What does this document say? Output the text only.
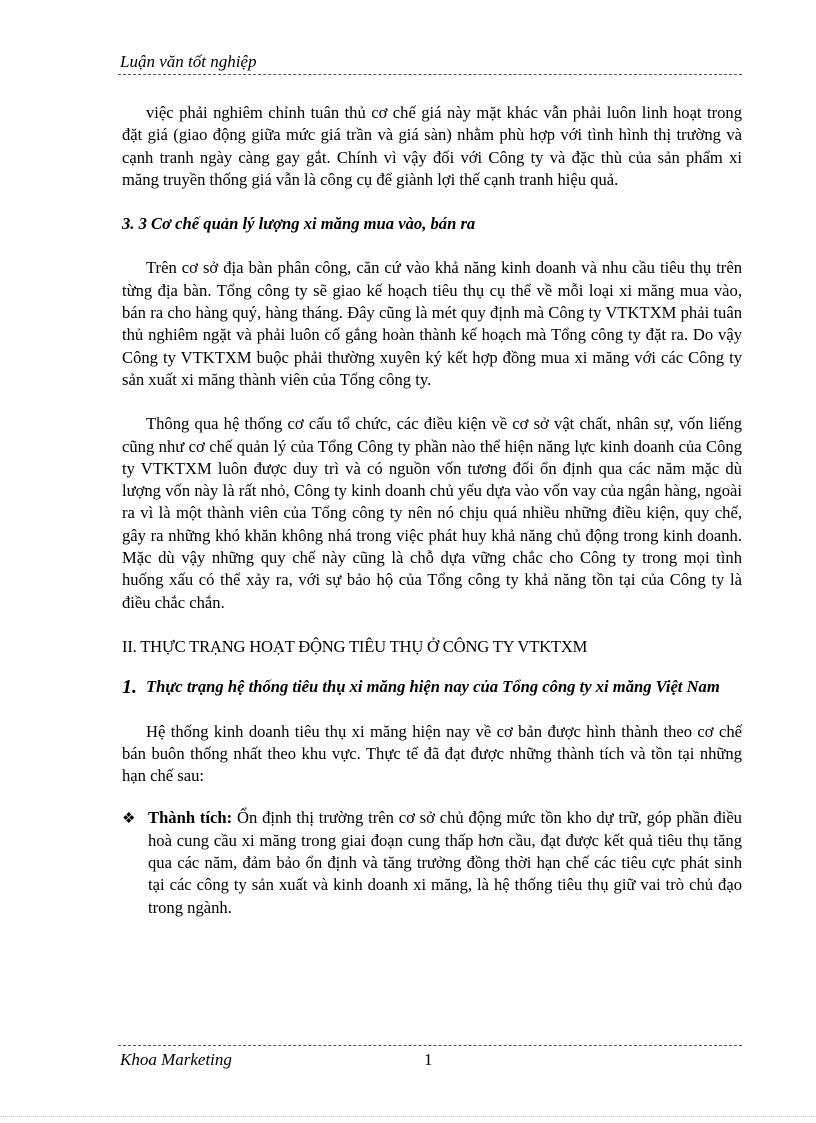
Luận văn tốt nghiệp

việc phải nghiêm chỉnh tuân thủ cơ chế giá này mặt khác vẫn phải luôn linh hoạt trong đặt giá (giao động giữa mức giá trần và giá sàn) nhằm phù hợp với tình hình thị trường và cạnh tranh ngày càng gay gắt. Chính vì vậy đối với Công ty và đặc thù của sản phẩm xi măng truyền thống giá vẫn là công cụ để giành lợi thế cạnh tranh hiệu quả.

3. 3 Cơ chế quản lý lượng xi măng mua vào, bán ra

Trên cơ sở địa bàn phân công, căn cứ vào khả năng kinh doanh và nhu cầu tiêu thụ trên từng địa bàn. Tổng công ty sẽ giao kế hoạch tiêu thụ cụ thể về mỗi loại xi măng mua vào, bán ra cho hàng quý, hàng tháng. Đây cũng là mét quy định mà Công ty VTKTXM phải tuân thủ nghiêm ngặt và phải luôn cố gắng hoàn thành kế hoạch mà Tổng công ty đặt ra. Do vậy Công ty VTKTXM buộc phải thường xuyên ký kết hợp đồng mua xi măng với các Công ty sản xuất xi măng thành viên của Tổng công ty.

Thông qua hệ thống cơ cấu tổ chức, các điều kiện về cơ sở vật chất, nhân sự, vốn liếng cũng như cơ chế quản lý của Tổng Công ty phần nào thể hiện năng lực kinh doanh của Công ty VTKTXM luôn được duy trì và có nguồn vốn tương đối ổn định qua các năm mặc dù lượng vốn này là rất nhỏ, Công ty kinh doanh chủ yếu dựa vào vốn vay của ngân hàng, ngoài ra vì là một thành viên của Tổng công ty nên nó chịu quá nhiều những điều kiện, quy chế, gây ra những khó khăn không nhá trong việc phát huy khả năng chủ động trong kinh doanh. Mặc dù vậy những quy chế này cũng là chỗ dựa vững chắc cho Công ty trong mọi tình huống xấu có thể xảy ra, với sự bảo hộ của Tổng công ty khả năng tồn tại của Công ty là điều chắc chắn.

II. THỰC TRẠNG HOẠT ĐỘNG TIÊU THỤ Ở CÔNG TY VTKTXM

1. Thực trạng hệ thống tiêu thụ xi măng hiện nay của Tổng công ty xi măng Việt Nam

Hệ thống kinh doanh tiêu thụ xi măng hiện nay về cơ bản được hình thành theo cơ chế bán buôn thống nhất theo khu vực. Thực tế đã đạt được những thành tích và tồn tại những hạn chế sau:

❖ Thành tích: Ổn định thị trường trên cơ sở chủ động mức tồn kho dự trữ, góp phần điều hoà cung cầu xi măng trong giai đoạn cung thấp hơn cầu, đạt được kết quả tiêu thụ tăng qua các năm, đảm bảo ổn định và tăng trưởng đồng thời hạn chế các tiêu cực phát sinh tại các công ty sản xuất và kinh doanh xi măng, là hệ thống tiêu thụ giữ vai trò chủ đạo trong ngành.
Khoa Marketing	1
